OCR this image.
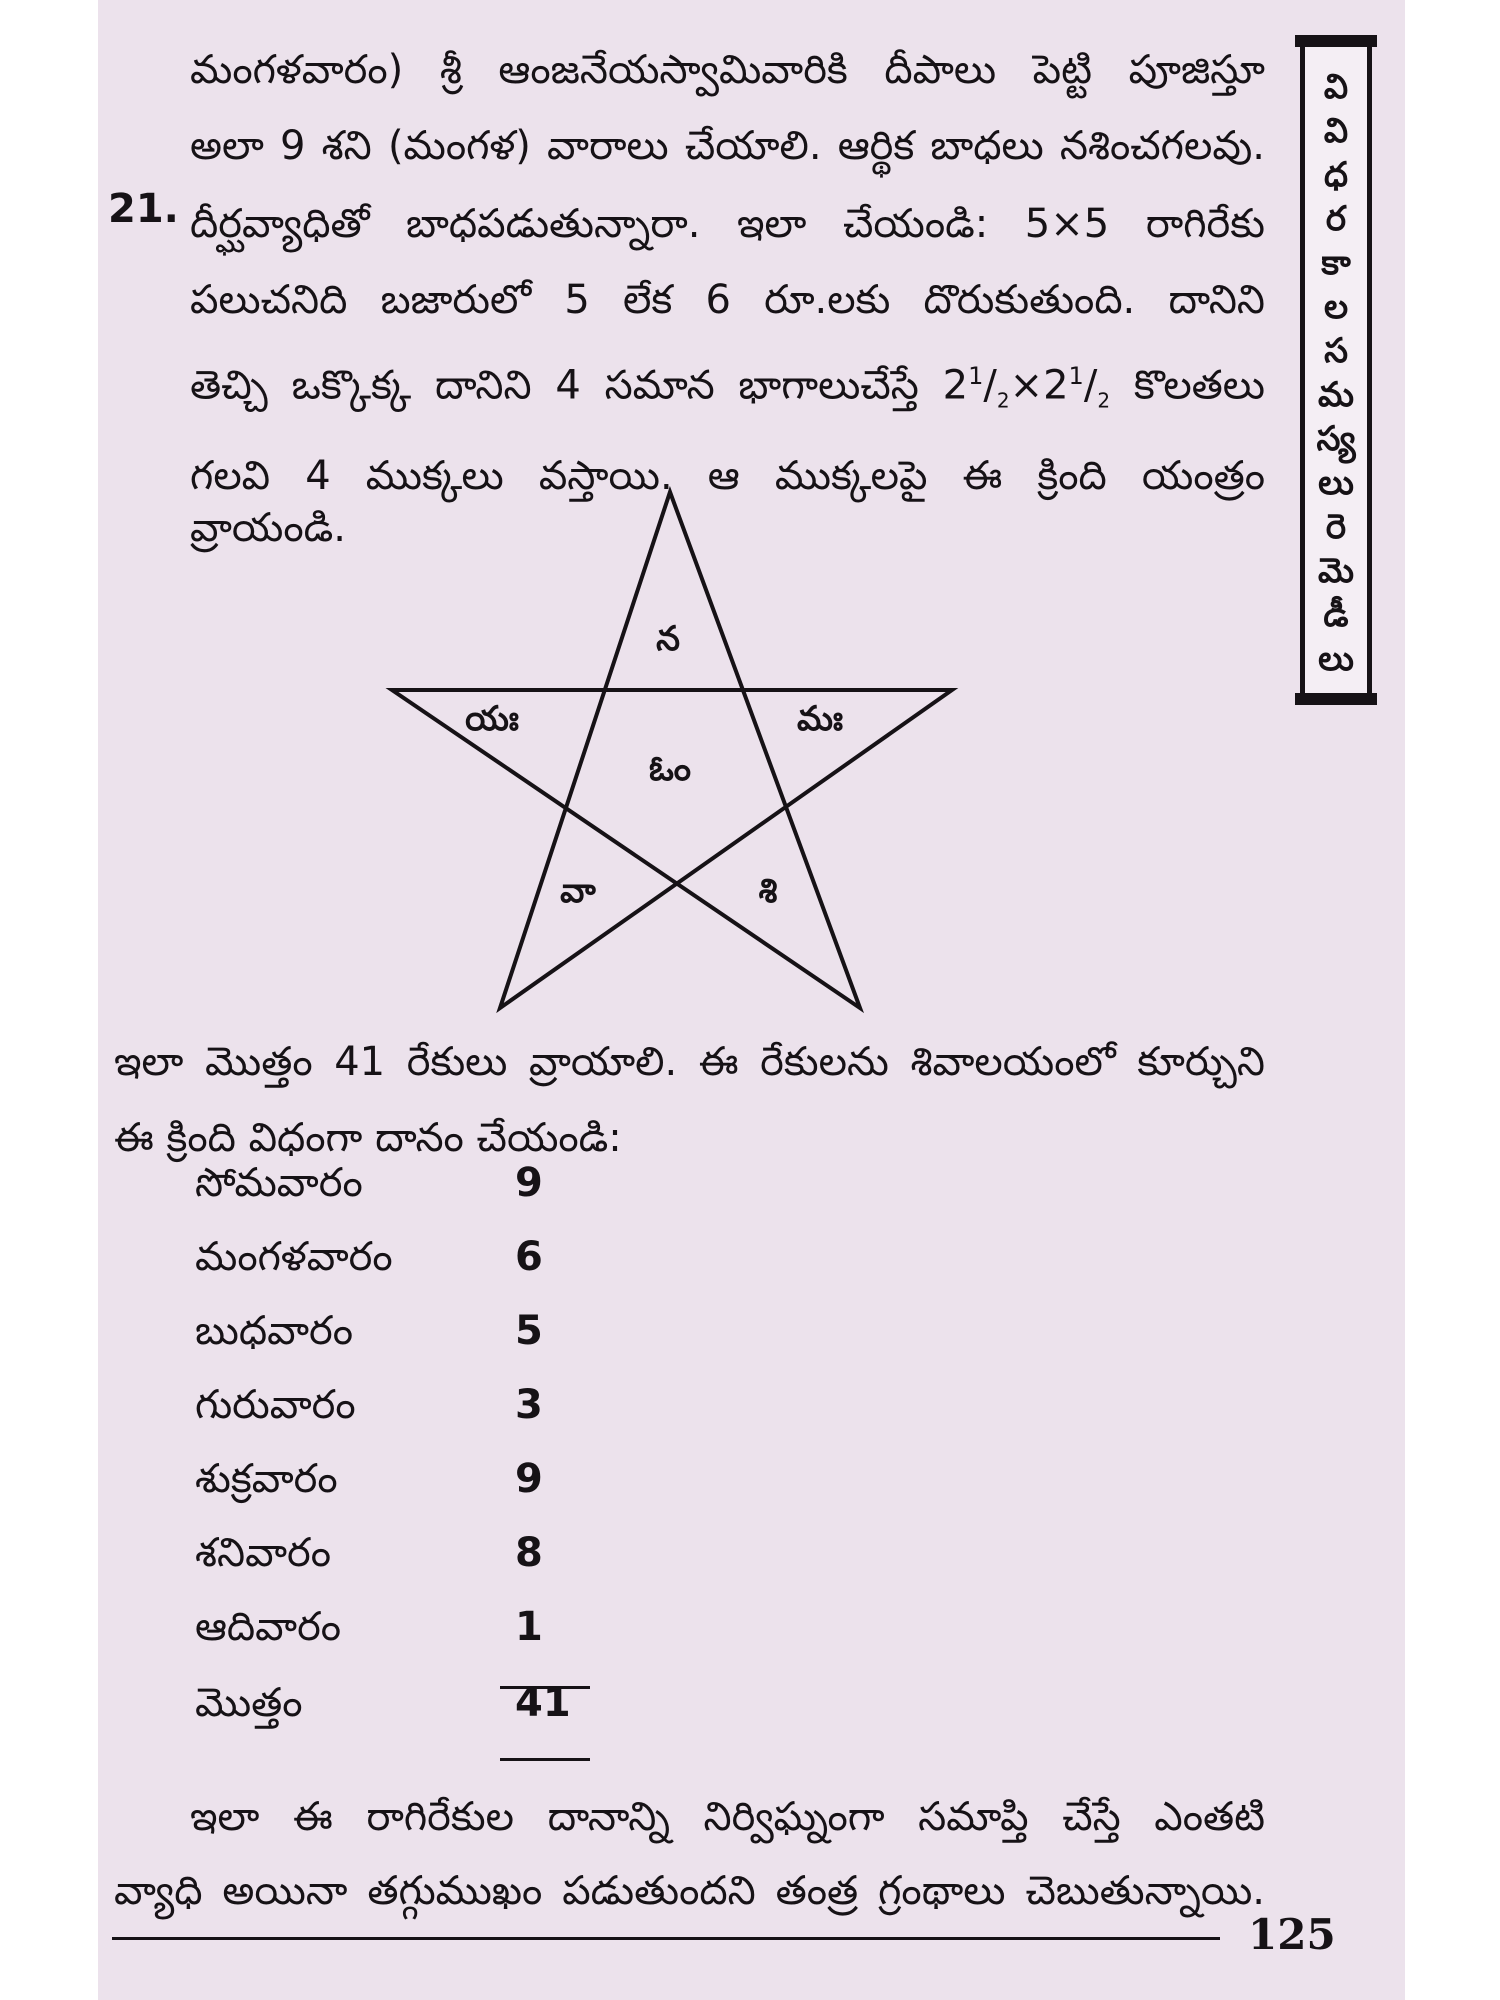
మంగళవారం) శ్రీ ఆంజనేయస్వామివారికి దీపాలు పెట్టి పూజిస్తూ
అలా 9 శని (మంగళ) వారాలు చేయాలి. ఆర్థిక బాధలు నశించగలవు.

21. దీర్ఘవ్యాధితో బాధపడుతున్నారా. ఇలా చేయండి: 5×5 రాగిరేకు
పలుచనిది బజారులో 5 లేక 6 రూ.లకు దొరుకుతుంది. దానిని
తెచ్చి ఒక్కొక్క దానిని 4 సమాన భాగాలుచేస్తే $2^1/_2\times 2^1/_2$ కొలతలు
గలవి 4 ముక్కలు వస్తాయి. ఆ ముక్కలపై ఈ క్రింది యంత్రం

వ్రాయండి.

న
యః	మః
ఓం
వా	శి

ఇలా మొత్తం 41 రేకులు వ్రాయాలి. ఈ రేకులను శివాలయంలో కూర్చుని

ఈ క్రింది విధంగా దానం చేయండి:

సోమవారం	9
మంగళవారం	6
బుధవారం	5
గురువారం	3
శుక్రవారం	9
శనివారం	8
ఆదివారం	1
మొత్తం	41

ఇలా ఈ రాగిరేకుల దానాన్ని నిర్విఘ్నంగా సమాప్తి చేస్తే ఎంతటి
వ్యాధి అయినా తగ్గుముఖం పడుతుందని తంత్ర గ్రంథాలు చెబుతున్నాయి.

వి
వి
ధ
ర
కా
ల
స
మ
స్య
లు
రె
మె
డీ
లు
125
